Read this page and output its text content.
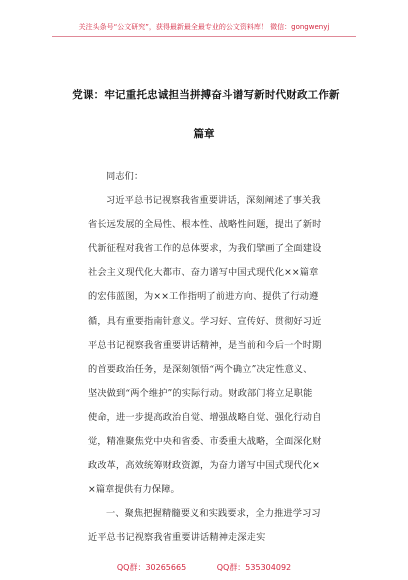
关注头条号“公文研究”，获得最新最全最专业的公文资料库！ 微信：gongwenyj
党课：牢记重托忠诚担当拼搏奋斗谱写新时代财政工作新
篇章
同志们：
习近平总书记视察我省重要讲话，深刻阐述了事关我
省长远发展的全局性、根本性、战略性问题，提出了新时
代新征程对我省工作的总体要求，为我们擘画了全面建设
社会主义现代化大都市、奋力谱写中国式现代化××篇章
的宏伟蓝图，为××工作指明了前进方向、提供了行动遵
循，具有重要指南针意义。学习好、宣传好、贯彻好习近
平总书记视察我省重要讲话精神，是当前和今后一个时期
的首要政治任务，是深刻领悟“两个确立”决定性意义、
坚决做到“两个维护”的实际行动。财政部门将立足职能
使命，进一步提高政治自觉、增强战略自觉、强化行动自
觉，精准聚焦党中央和省委、市委重大战略，全面深化财
政改革，高效统筹财政资源，为奋力谱写中国式现代化×
×篇章提供有力保障。
一、聚焦把握精髓要义和实践要求，全力推进学习习
近平总书记视察我省重要讲话精神走深走实
QQ群：30265665	QQ群：535304092
